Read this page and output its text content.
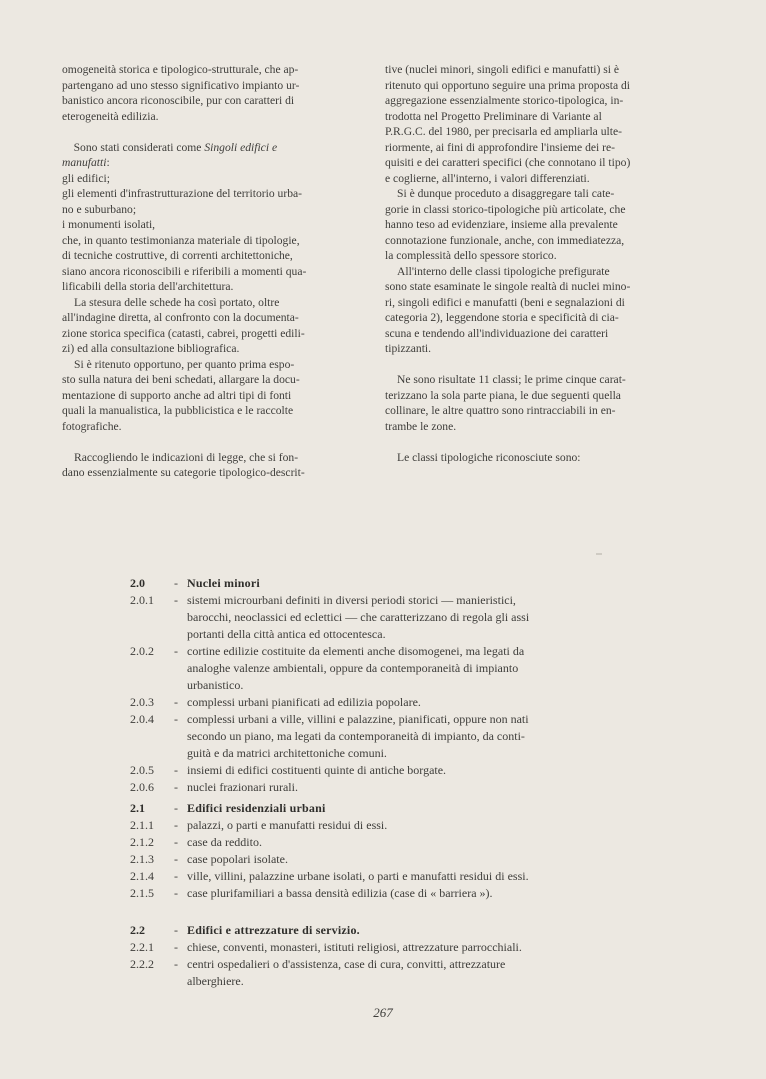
omogeneità storica e tipologico-strutturale, che ap-
partengano ad uno stesso significativo impianto ur-
banistico ancora riconoscibile, pur con caratteri di
eterogeneità edilizia.
Sono stati considerati come Singoli edifici e
manufatti:
gli edifici;
gli elementi d'infrastrutturazione del territorio urba-
no e suburbano;
i monumenti isolati,
che, in quanto testimonianza materiale di tipologie,
di tecniche costruttive, di correnti architettoniche,
siano ancora riconoscibili e riferibili a momenti qua-
lificabili della storia dell'architettura.
La stesura delle schede ha così portato, oltre
all'indagine diretta, al confronto con la documenta-
zione storica specifica (catasti, cabrei, progetti edili-
zi) ed alla consultazione bibliografica.
Si è ritenuto opportuno, per quanto prima espo-
sto sulla natura dei beni schedati, allargare la docu-
mentazione di supporto anche ad altri tipi di fonti
quali la manualistica, la pubblicistica e le raccolte
fotografiche.
Raccogliendo le indicazioni di legge, che si fon-
dano essenzialmente su categorie tipologico-descrit-
tive (nuclei minori, singoli edifici e manufatti) si è
ritenuto qui opportuno seguire una prima proposta di
aggregazione essenzialmente storico-tipologica, in-
trodotta nel Progetto Preliminare di Variante al
P.R.G.C. del 1980, per precisarla ed ampliarla ulte-
riormente, ai fini di approfondire l'insieme dei re-
quisiti e dei caratteri specifici (che connotano il tipo)
e coglierne, all'interno, i valori differenziati.
Si è dunque proceduto a disaggregare tali cate-
gorie in classi storico-tipologiche più articolate, che
hanno teso ad evidenziare, insieme alla prevalente
connotazione funzionale, anche, con immediatezza,
la complessità dello spessore storico.
All'interno delle classi tipologiche prefigurate
sono state esaminate le singole realtà di nuclei mino-
ri, singoli edifici e manufatti (beni e segnalazioni di
categoria 2), leggendone storia e specificità di cia-
scuna e tendendo all'individuazione dei caratteri
tipizzanti.
Ne sono risultate 11 classi; le prime cinque carat-
terizzano la sola parte piana, le due seguenti quella
collinare, le altre quattro sono rintracciabili in en-
trambe le zone.
Le classi tipologiche riconosciute sono:
2.0	- Nuclei minori
2.0.1	- sistemi microurbani definiti in diversi periodi storici — manieristici,
barocchi, neoclassici ed eclettici — che caratterizzano di regola gli assi
portanti della città antica ed ottocentesca.
2.0.2	- cortine edilizie costituite da elementi anche disomogenei, ma legati da
analoghe valenze ambientali, oppure da contemporaneità di impianto
urbanistico.
2.0.3	- complessi urbani pianificati ad edilizia popolare.
2.0.4	- complessi urbani a ville, villini e palazzine, pianificati, oppure non nati
secondo un piano, ma legati da contemporaneità di impianto, da conti-
guità e da matrici architettoniche comuni.
2.0.5	- insiemi di edifici costituenti quinte di antiche borgate.
2.0.6	- nuclei frazionari rurali.
2.1	- Edifici residenziali urbani
2.1.1	- palazzi, o parti e manufatti residui di essi.
2.1.2	- case da reddito.
2.1.3	- case popolari isolate.
2.1.4	- ville, villini, palazzine urbane isolati, o parti e manufatti residui di essi.
2.1.5	- case plurifamiliari a bassa densità edilizia (case di « barriera »).
2.2	- Edifici e attrezzature di servizio.
2.2.1	- chiese, conventi, monasteri, istituti religiosi, attrezzature parrocchiali.
2.2.2	- centri ospedalieri o d'assistenza, case di cura, convitti, attrezzature
alberghiere.
267
